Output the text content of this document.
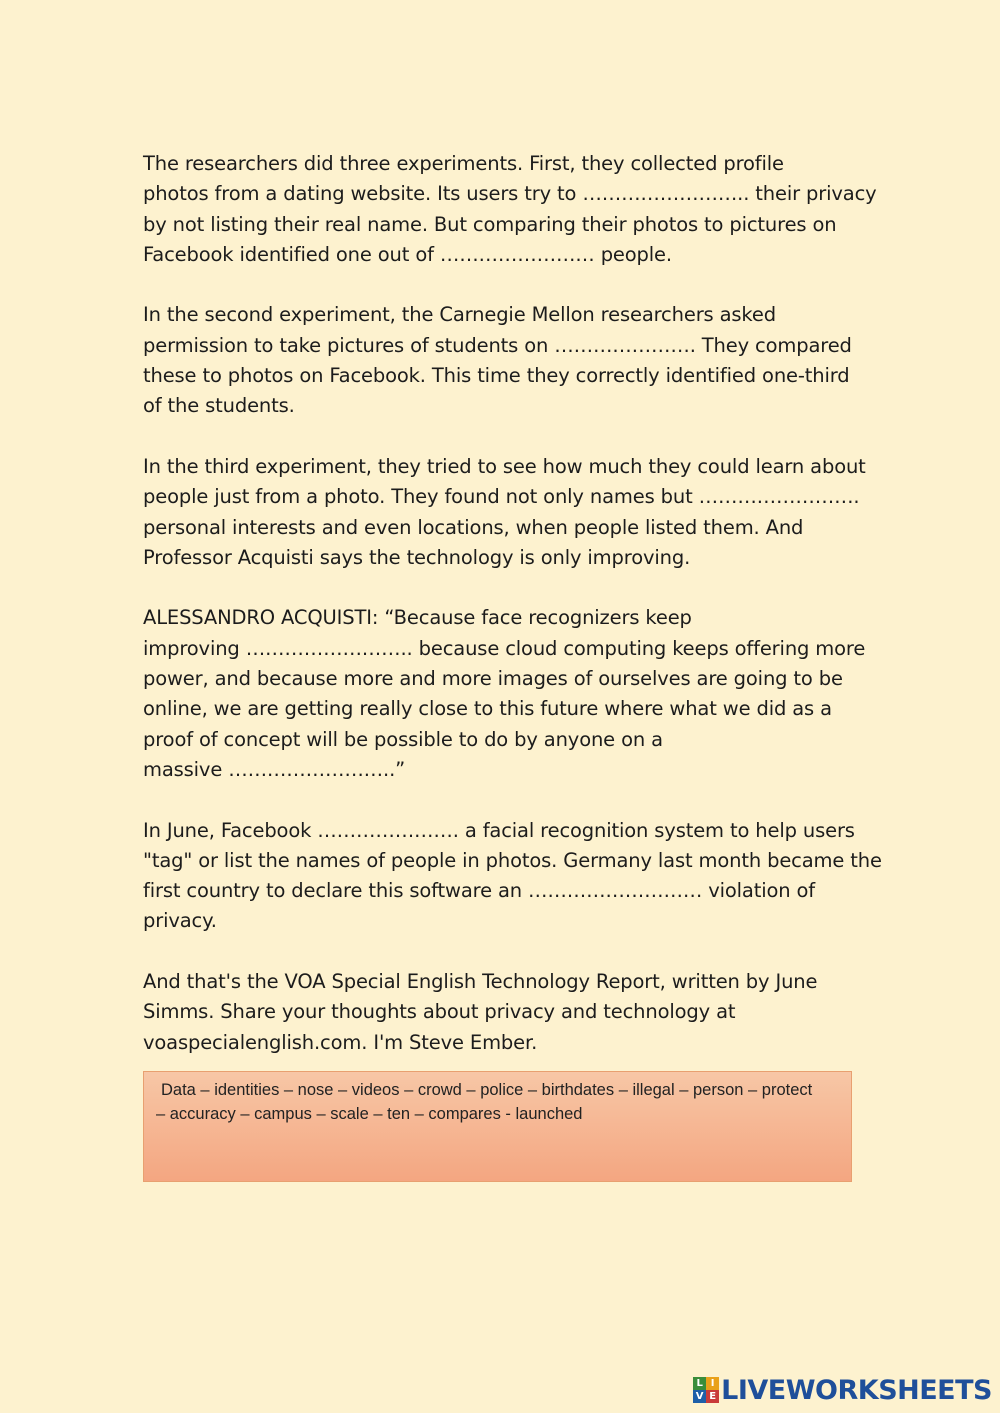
The researchers did three experiments. First, they collected profile
photos from a dating website. Its users try to …………………….. their privacy
by not listing their real name. But comparing their photos to pictures on
Facebook identified one out of …………………… people.

In the second experiment, the Carnegie Mellon researchers asked
permission to take pictures of students on …………………. They compared
these to photos on Facebook. This time they correctly identified one-third
of the students.

In the third experiment, they tried to see how much they could learn about
people just from a photo. They found not only names but …………………….
personal interests and even locations, when people listed them. And
Professor Acquisti says the technology is only improving.

ALESSANDRO ACQUISTI: “Because face recognizers keep
improving …………………….. because cloud computing keeps offering more
power, and because more and more images of ourselves are going to be
online, we are getting really close to this future where what we did as a
proof of concept will be possible to do by anyone on a
massive ……………………..”

In June, Facebook …………………. a facial recognition system to help users
"tag" or list the names of people in photos. Germany last month became the
first country to declare this software an ……………………… violation of
privacy.

And that's the VOA Special English Technology Report, written by June
Simms. Share your thoughts about privacy and technology at
voaspecialenglish.com. I'm Steve Ember.

Data – identities – nose – videos – crowd – police – birthdates – illegal – person – protect
– accuracy – campus – scale – ten – compares - launched
L I
V E LIVEWORKSHEETS
